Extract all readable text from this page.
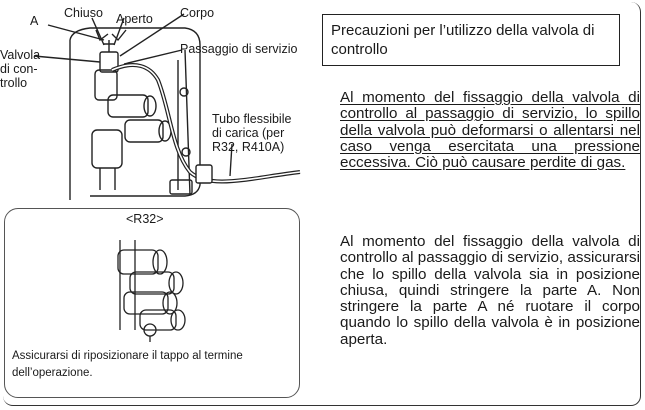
A
Chiuso Aperto Corpo
Valvola
di con-
trollo
Passaggio di servizio
Tubo flessibile
di carica (per
R32, R410A)
Precauzioni per l’utilizzo della valvola di controllo
Al momento del fissaggio della valvola di controllo al passaggio di servizio, lo spillo della valvola può deformarsi o allentarsi nel caso venga esercitata una pressione eccessiva. Ciò può causare perdite di gas.
Al momento del fissaggio della valvola di controllo al passaggio di servizio, assicurarsi che lo spillo della valvola sia in posizione chiusa, quindi stringere la parte A. Non stringere la parte A né ruotare il corpo quando lo spillo della valvola è in posizione aperta.
<R32>
Assicurarsi di riposizionare il tappo al termine dell’operazione.
